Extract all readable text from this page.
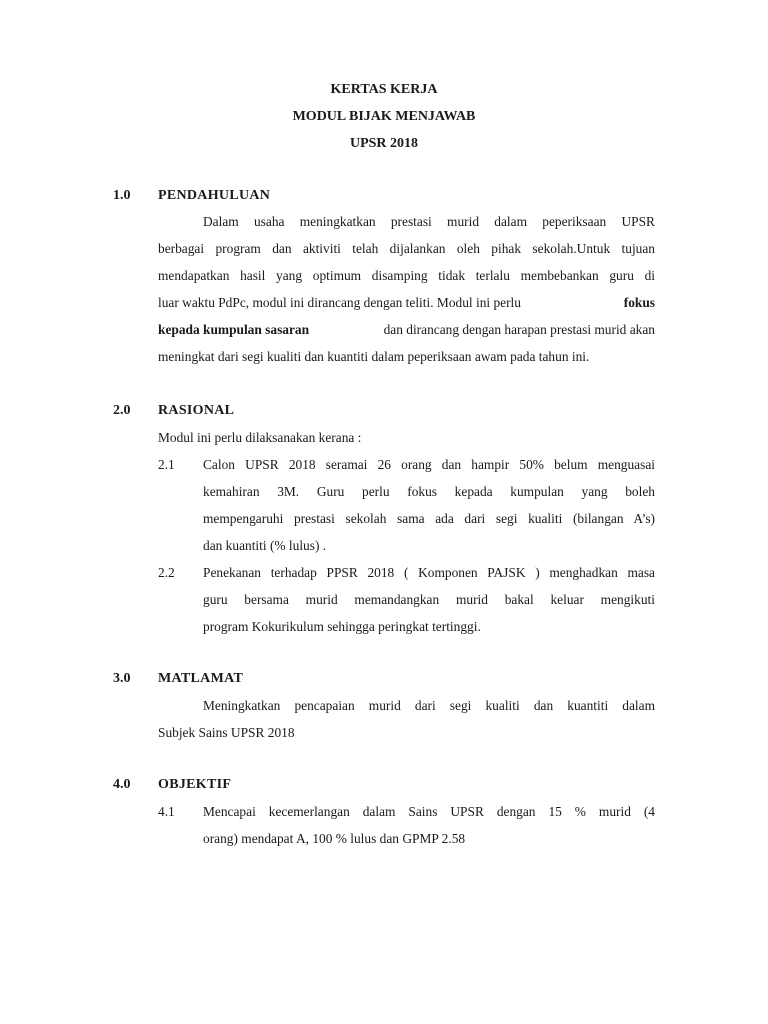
KERTAS KERJA
MODUL BIJAK MENJAWAB
UPSR 2018
1.0 PENDAHULUAN
Dalam usaha meningkatkan prestasi murid dalam peperiksaan UPSR
berbagai program dan aktiviti telah dijalankan oleh pihak sekolah.Untuk tujuan
mendapatkan hasil yang optimum disamping tidak terlalu membebankan guru di
luar waktu PdPc, modul ini dirancang dengan teliti. Modul ini perlu	fokus
kepada kumpulan sasaran	dan dirancang dengan harapan prestasi murid akan
meningkat dari segi kualiti dan kuantiti dalam peperiksaan awam pada tahun ini.
2.0 RASIONAL
Modul ini perlu dilaksanakan kerana :
2.1 Calon UPSR 2018 seramai 26 orang dan hampir 50% belum menguasai
kemahiran 3M. Guru perlu fokus kepada kumpulan yang boleh
mempengaruhi prestasi sekolah sama ada dari segi kualiti (bilangan A’s)
dan kuantiti (% lulus) .
2.2 Penekanan terhadap PPSR 2018 ( Komponen PAJSK ) menghadkan masa
guru bersama murid memandangkan murid bakal keluar mengikuti
program Kokurikulum sehingga peringkat tertinggi.
3.0 MATLAMAT
Meningkatkan pencapaian murid dari segi kualiti dan kuantiti dalam
Subjek Sains UPSR 2018
4.0 OBJEKTIF
4.1 Mencapai kecemerlangan dalam Sains UPSR dengan 15 % murid (4
orang) mendapat A, 100 % lulus dan GPMP 2.58
